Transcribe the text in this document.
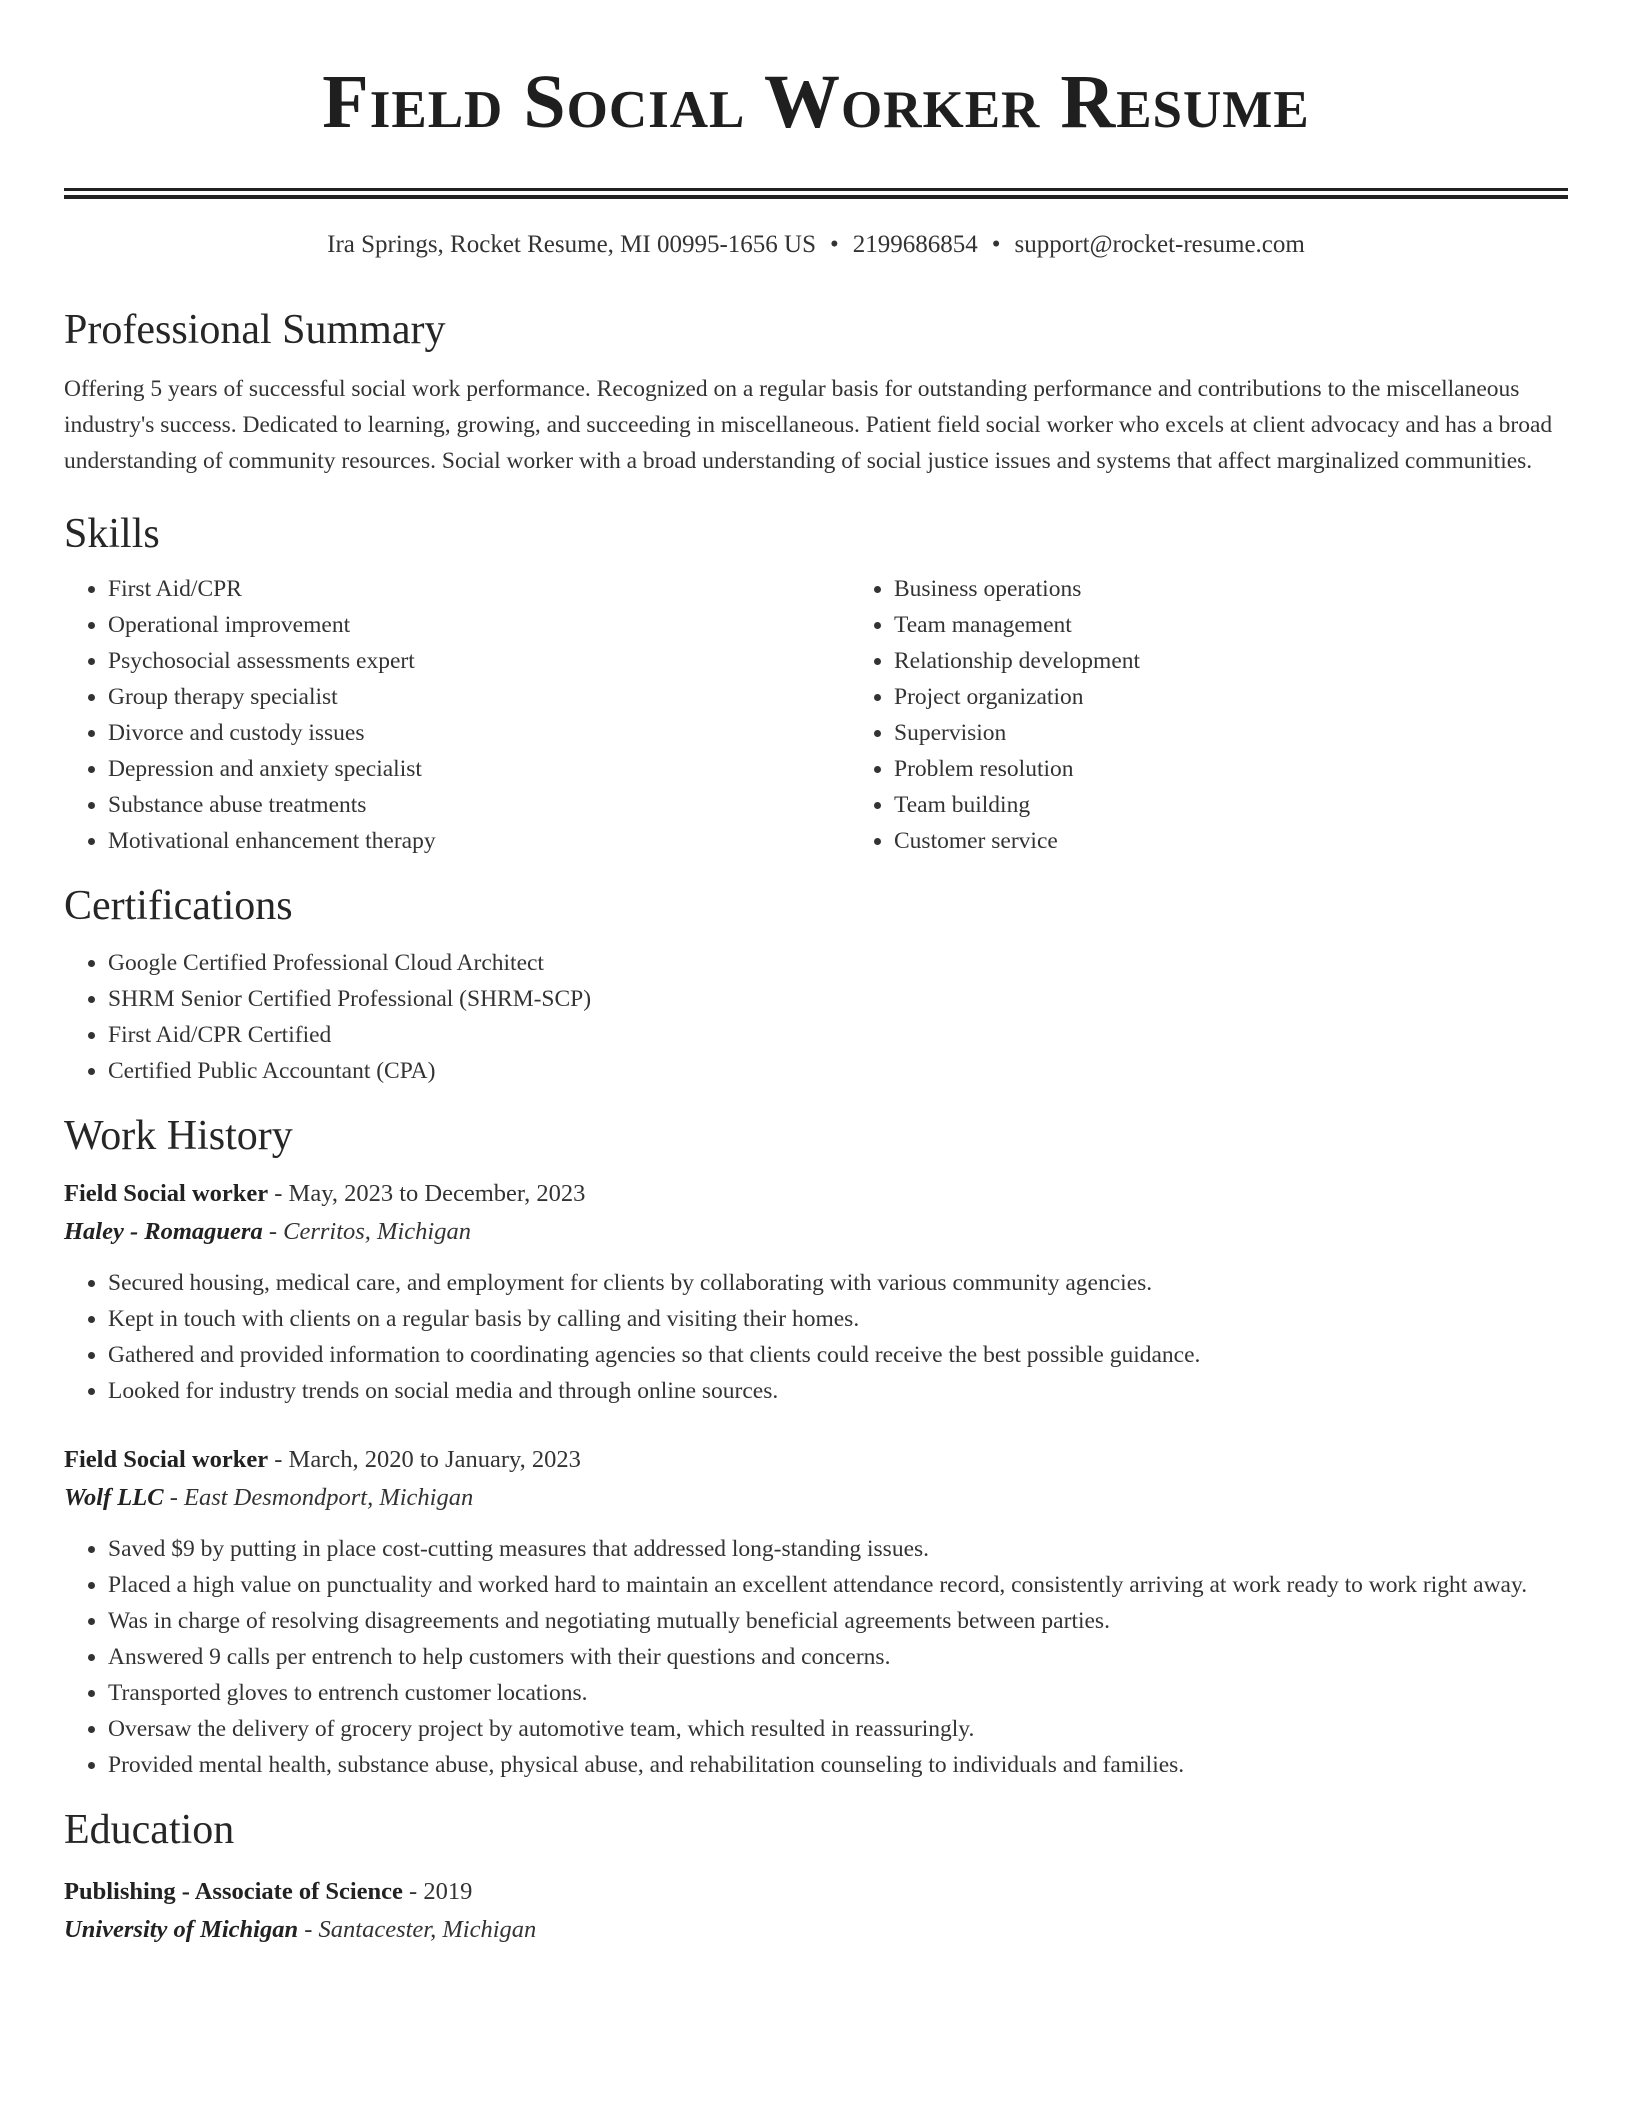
Field Social Worker Resume
Ira Springs, Rocket Resume, MI 00995-1656 US • 2199686854 • support@rocket-resume.com
Professional Summary

Offering 5 years of successful social work performance. Recognized on a regular basis for outstanding performance and contributions to the miscellaneous industry's success. Dedicated to learning, growing, and succeeding in miscellaneous. Patient field social worker who excels at client advocacy and has a broad understanding of community resources. Social worker with a broad understanding of social justice issues and systems that affect marginalized communities.

Skills
• First Aid/CPR
• Operational improvement
• Psychosocial assessments expert
• Group therapy specialist
• Divorce and custody issues
• Depression and anxiety specialist
• Substance abuse treatments
• Motivational enhancement therapy
• Business operations
• Team management
• Relationship development
• Project organization
• Supervision
• Problem resolution
• Team building
• Customer service
Certifications
• Google Certified Professional Cloud Architect
• SHRM Senior Certified Professional (SHRM-SCP)
• First Aid/CPR Certified
• Certified Public Accountant (CPA)
Work History
Field Social worker - May, 2023 to December, 2023
Haley - Romaguera - Cerritos, Michigan
• Secured housing, medical care, and employment for clients by collaborating with various community agencies.
• Kept in touch with clients on a regular basis by calling and visiting their homes.
• Gathered and provided information to coordinating agencies so that clients could receive the best possible guidance.
• Looked for industry trends on social media and through online sources.
Field Social worker - March, 2020 to January, 2023
Wolf LLC - East Desmondport, Michigan
• Saved $9 by putting in place cost-cutting measures that addressed long-standing issues.
• Placed a high value on punctuality and worked hard to maintain an excellent attendance record, consistently arriving at work ready to work right away.
• Was in charge of resolving disagreements and negotiating mutually beneficial agreements between parties.
• Answered 9 calls per entrench to help customers with their questions and concerns.
• Transported gloves to entrench customer locations.
• Oversaw the delivery of grocery project by automotive team, which resulted in reassuringly.
• Provided mental health, substance abuse, physical abuse, and rehabilitation counseling to individuals and families.
Education
Publishing - Associate of Science - 2019
University of Michigan - Santacester, Michigan
